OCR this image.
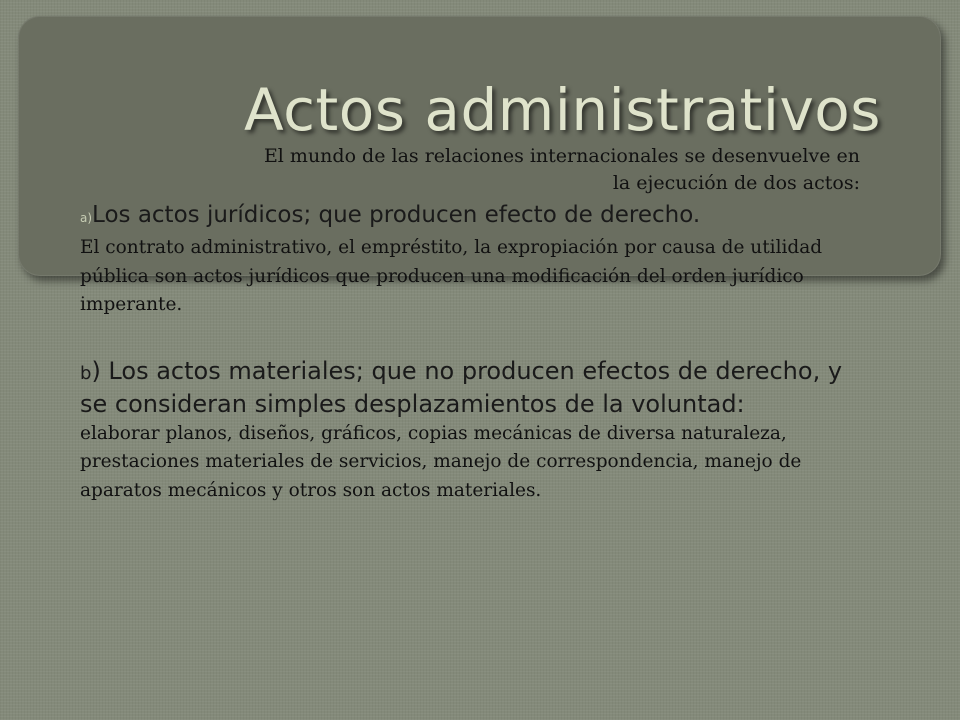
Actos administrativos

El mundo de las relaciones internacionales se desenvuelve en
la ejecución de dos actos:

a)Los actos jurídicos; que producen efecto de derecho.

El contrato administrativo, el empréstito, la expropiación por causa de utilidad pública son actos jurídicos que producen una modificación del orden jurídico imperante.

b) Los actos materiales; que no producen efectos de derecho, y se consideran simples desplazamientos de la voluntad:

elaborar planos, diseños, gráficos, copias mecánicas de diversa naturaleza, prestaciones materiales de servicios, manejo de correspondencia, manejo de aparatos mecánicos y otros son actos materiales.
